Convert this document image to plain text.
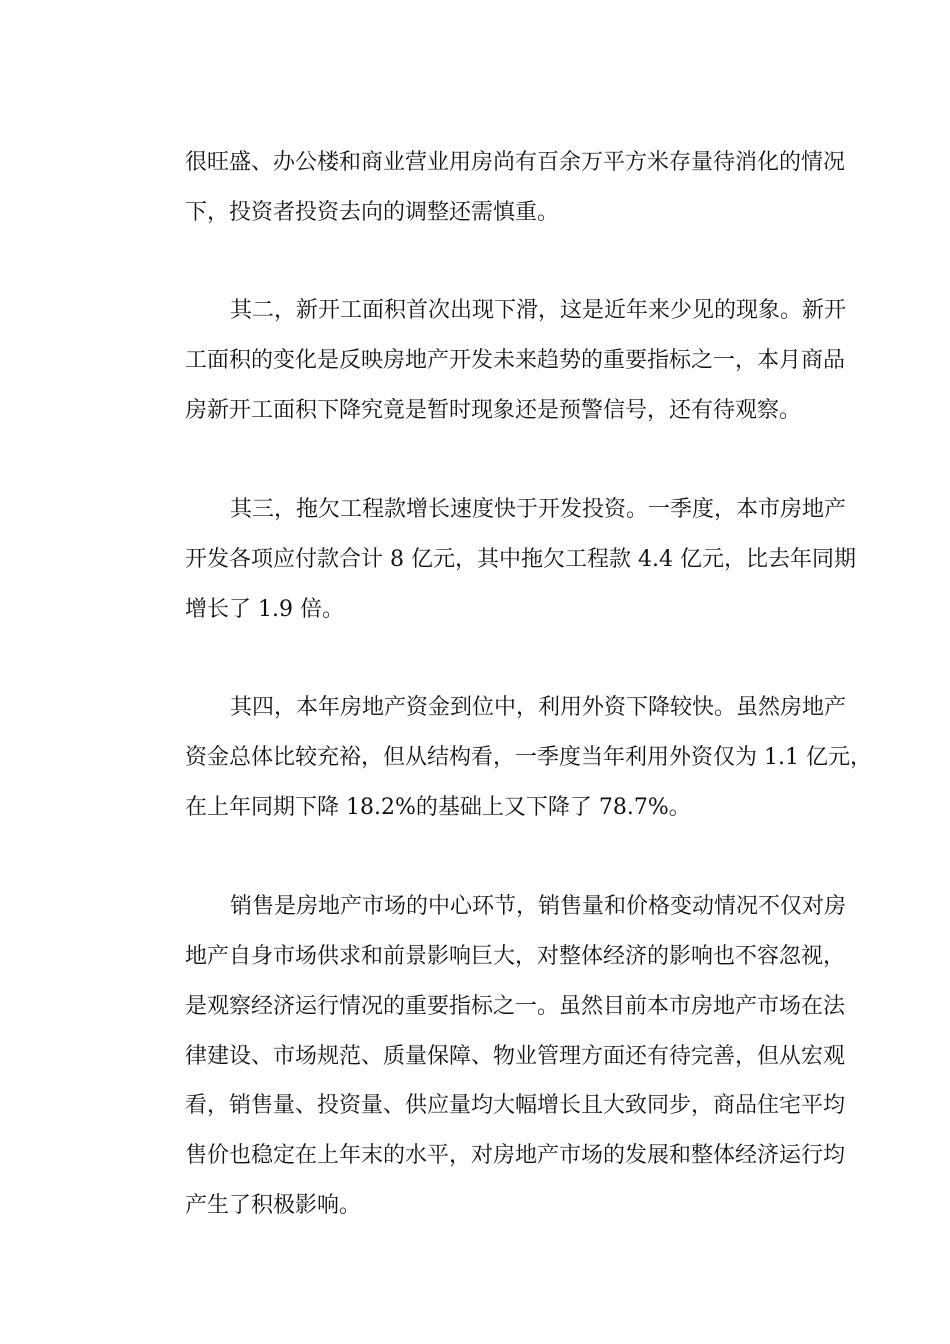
很旺盛、办公楼和商业营业用房尚有百余万平方米存量待消化的情况
下，投资者投资去向的调整还需慎重。
其二，新开工面积首次出现下滑，这是近年来少见的现象。新开
工面积的变化是反映房地产开发未来趋势的重要指标之一，本月商品
房新开工面积下降究竟是暂时现象还是预警信号，还有待观察。
其三，拖欠工程款增长速度快于开发投资。一季度，本市房地产
开发各项应付款合计 8 亿元，其中拖欠工程款 4.4 亿元，比去年同期
增长了 1.9 倍。
其四，本年房地产资金到位中，利用外资下降较快。虽然房地产
资金总体比较充裕，但从结构看，一季度当年利用外资仅为 1.1 亿元，
在上年同期下降 18.2%的基础上又下降了 78.7%。
销售是房地产市场的中心环节，销售量和价格变动情况不仅对房
地产自身市场供求和前景影响巨大，对整体经济的影响也不容忽视，
是观察经济运行情况的重要指标之一。虽然目前本市房地产市场在法
律建设、市场规范、质量保障、物业管理方面还有待完善，但从宏观
看，销售量、投资量、供应量均大幅增长且大致同步，商品住宅平均
售价也稳定在上年末的水平，对房地产市场的发展和整体经济运行均
产生了积极影响。
